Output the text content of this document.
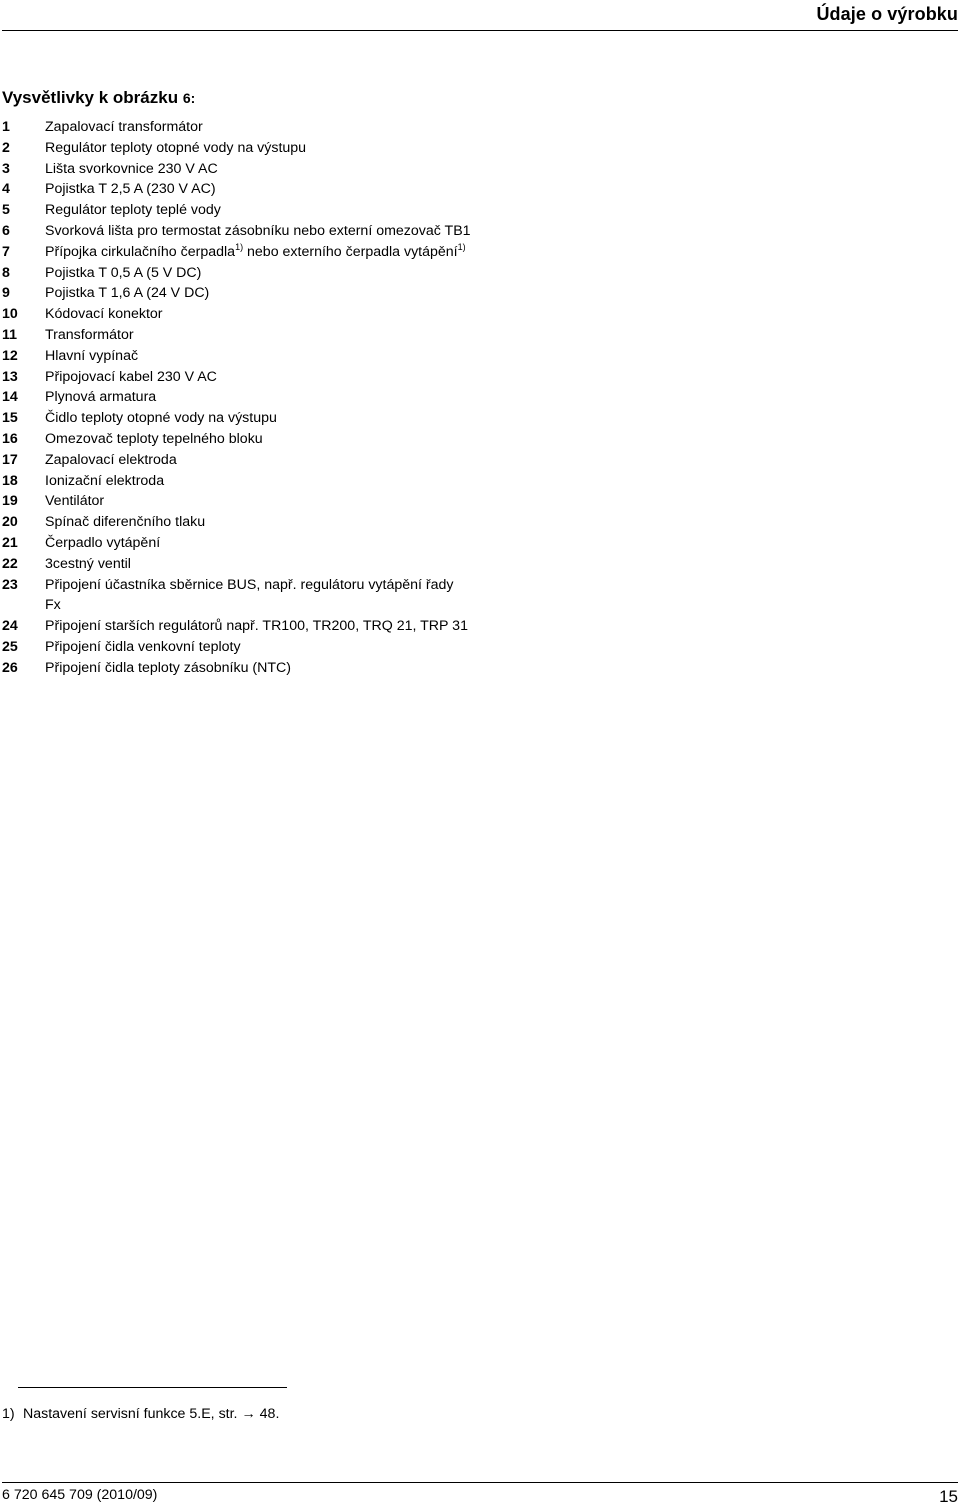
Údaje o výrobku
Vysvětlivky k obrázku 6:
1	Zapalovací transformátor
2	Regulátor teploty otopné vody na výstupu
3	Lišta svorkovnice 230 V AC
4	Pojistka T 2,5 A (230 V AC)
5	Regulátor teploty teplé vody
6	Svorková lišta pro termostat zásobníku nebo externí omezovač TB1
7	Přípojka cirkulačního čerpadla$^{1)}$ nebo externího čerpadla vytápění$^{1)}$
8	Pojistka T 0,5 A (5 V DC)
9	Pojistka T 1,6 A (24 V DC)
10	Kódovací konektor
11	Transformátor
12	Hlavní vypínač
13	Připojovací kabel 230 V AC
14	Plynová armatura
15	Čidlo teploty otopné vody na výstupu
16	Omezovač teploty tepelného bloku
17	Zapalovací elektroda
18	Ionizační elektroda
19	Ventilátor
20	Spínač diferenčního tlaku
21	Čerpadlo vytápění
22	3cestný ventil
23	Připojení účastníka sběrnice BUS, např. regulátoru vytápění řady Fx
24	Připojení starších regulátorů např. TR100, TR200, TRQ 21, TRP 31
25	Připojení čidla venkovní teploty
26	Připojení čidla teploty zásobníku (NTC)
1) Nastavení servisní funkce 5.E, str. → 48.
6 720 645 709 (2010/09)	15
